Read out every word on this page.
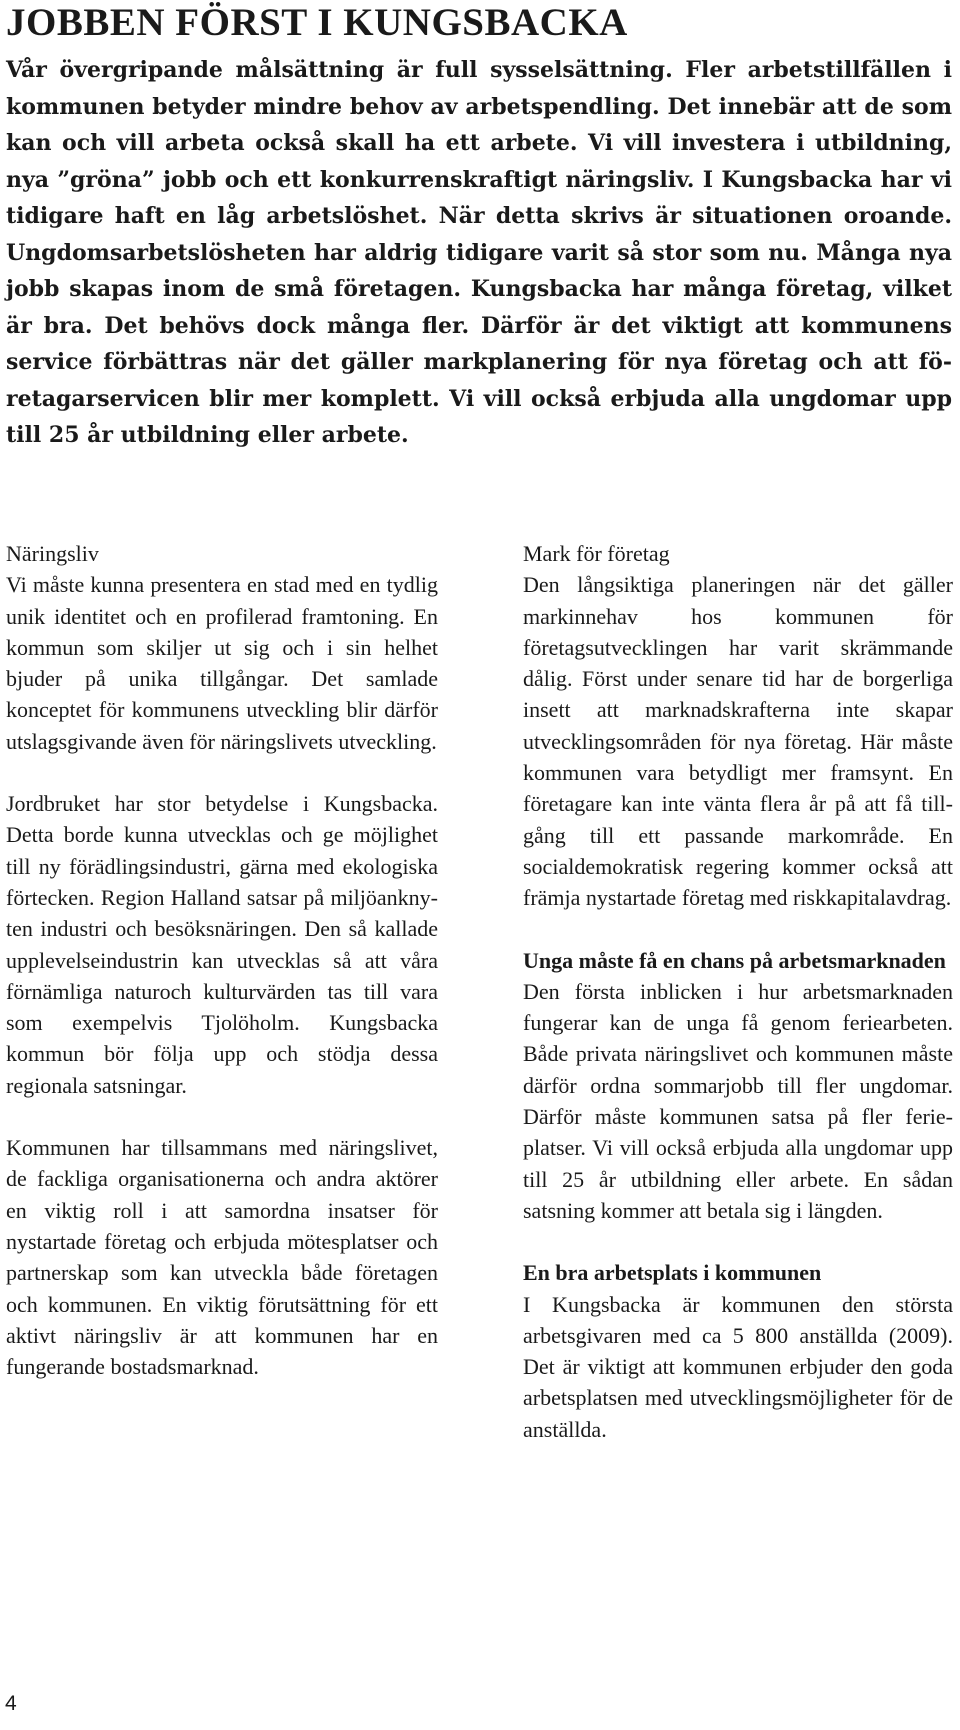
JOBBEN FÖRST I KUNGSBACKA
Vår övergripande målsättning är full sysselsättning. Fler arbetstillfällen i kommunen betyder mindre behov av arbetspendling. Det innebär att de som kan och vill arbeta också skall ha ett arbete. Vi vill investera i utbildning, nya ”gröna” jobb och ett konkurrenskraftigt näringsliv. I Kungsbacka har vi tidigare haft en låg arbetslöshet. När detta skrivs är situationen oroande. Ungdomsarbetslösheten har aldrig tidigare varit så stor som nu. Många nya jobb skapas inom de små företagen. Kungsbacka har många företag, vilket är bra. Det behövs dock många fler. Därför är det viktigt att kommunens service förbättras när det gäller markplanering för nya företag och att företagarservicen blir mer komplett. Vi vill också erbjuda alla ungdomar upp till 25 år utbildning eller arbete.

Näringsliv
Vi måste kunna presentera en stad med en tydlig unik identitet och en profilerad framtoning. En kommun som skiljer ut sig och i sin helhet bjuder på unika tillgångar. Det samlade konceptet för kommunens utveckling blir därför utslagsgivande även för näringslivets utveckling.

Jordbruket har stor betydelse i Kungsbacka. Detta borde kunna utvecklas och ge möjlighet till ny förädlingsindustri, gärna med ekologiska förtecken. Region Halland satsar på miljöanknyten industri och besöksnäringen. Den så kallade upplevelseindustrin kan utvecklas så att våra förnämliga naturoch kulturvärden tas till vara som exempelvis Tjolöholm. Kungsbacka kommun bör följa upp och stödja dessa regionala satsningar.

Kommunen har tillsammans med näringslivet, de fackliga organisationerna och andra aktörer en viktig roll i att samordna insatser för nystartade företag och erbjuda mötesplatser och partnerskap som kan utveckla både företagen och kommunen. En viktig förutsättning för ett aktivt näringsliv är att kommunen har en fungerande bostadsmarknad.

Mark för företag
Den långsiktiga planeringen när det gäller markinnehav hos kommunen för företagsutvecklingen har varit skrämmande dålig. Först under senare tid har de borgerliga insett att marknadskrafterna inte skapar utvecklingsområden för nya företag. Här måste kommunen vara betydligt mer framsynt. En företagare kan inte vänta flera år på att få tillgång till ett passande markområde. En socialdemokratisk regering kommer också att främja nystartade företag med riskkapitalavdrag.

Unga måste få en chans på arbetsmarknaden
Den första inblicken i hur arbetsmarknaden fungerar kan de unga få genom feriearbeten. Både privata näringslivet och kommunen måste därför ordna sommarjobb till fler ungdomar. Därför måste kommunen satsa på fler ferieplatser. Vi vill också erbjuda alla ungdomar upp till 25 år utbildning eller arbete. En sådan satsning kommer att betala sig i längden.

En bra arbetsplats i kommunen
I Kungsbacka är kommunen den största arbetsgivaren med ca 5 800 anställda (2009). Det är viktigt att kommunen erbjuder den goda arbetsplatsen med utvecklingsmöjligheter för de anställda.

4
